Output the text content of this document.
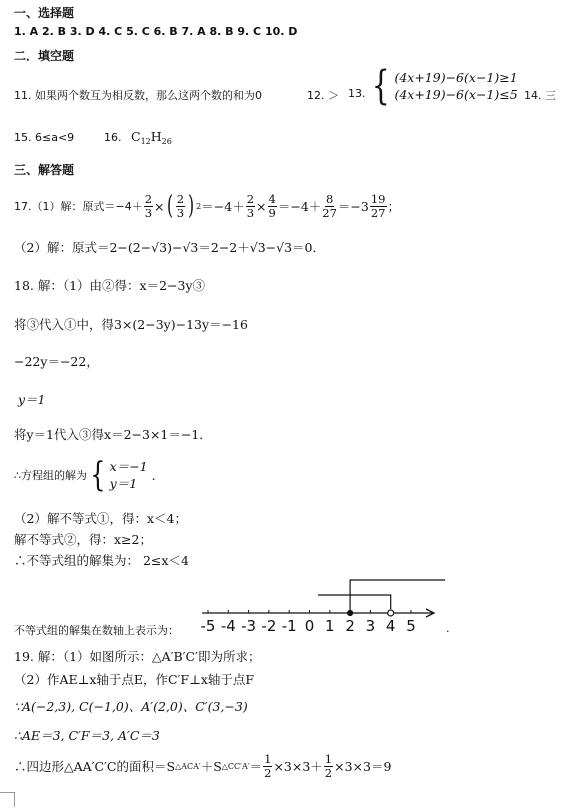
一、选择题
1. A 2. B 3. D 4. C 5. C 6. B 7. A 8. B 9. C 10. D
二．填空题
11. 如果两个数互为相反数，那么这两个数的和为0	12. ＞ 13. { (4x+19)−6(x−1)≥1
(4x+19)−6(x−1)≤5 14. 三
15. 6≤a<9	16. $C_{12}H_{26}$
三、解答题
17.（1）解：原式$=-4+ \frac{2}{3}$ × ( $\frac{2}{3}$ ) $2 =-4+ \frac{2}{3} \times \frac{4}{9} =-4+ \frac{8}{27} =-3 \frac{19}{27}$ ；
（2）解：原式＝2−(2−√3)−√3＝2−2＋√3−√3＝0．
18. 解：（1）由②得：x＝2−3y③
将③代入①中，得3×(2−3y)−13y＝−16
−22y＝−22，
y＝1
将y＝1代入③得x＝2−3×1＝−1．
∴方程组的解为 { x＝−1
y＝1
.
（2）解不等式①，得：x＜4；
解不等式②，得：x≥2；
∴不等式组的解集为： 2≤x＜4
不等式组的解集在数轴上表示为： -5 -4 -3 -2 -1 0 1 2 3 4 5	.
19. 解：（1）如图所示：△A′B′C′即为所求；
（2）作AE⊥x轴于点E，作C′F⊥x轴于点F
∵A(−2,3), C(−1,0)、A′(2,0)、C′(3,−3)
∴AE＝3, C′F＝3, A′C＝3
∴四边形△AA′C′C的面积＝S △ACA′ ＋S △CC′A′ ＝ $\frac{1}{2} \times 3\times 3+ \frac{1}{2} \times 3\times 3=9$
